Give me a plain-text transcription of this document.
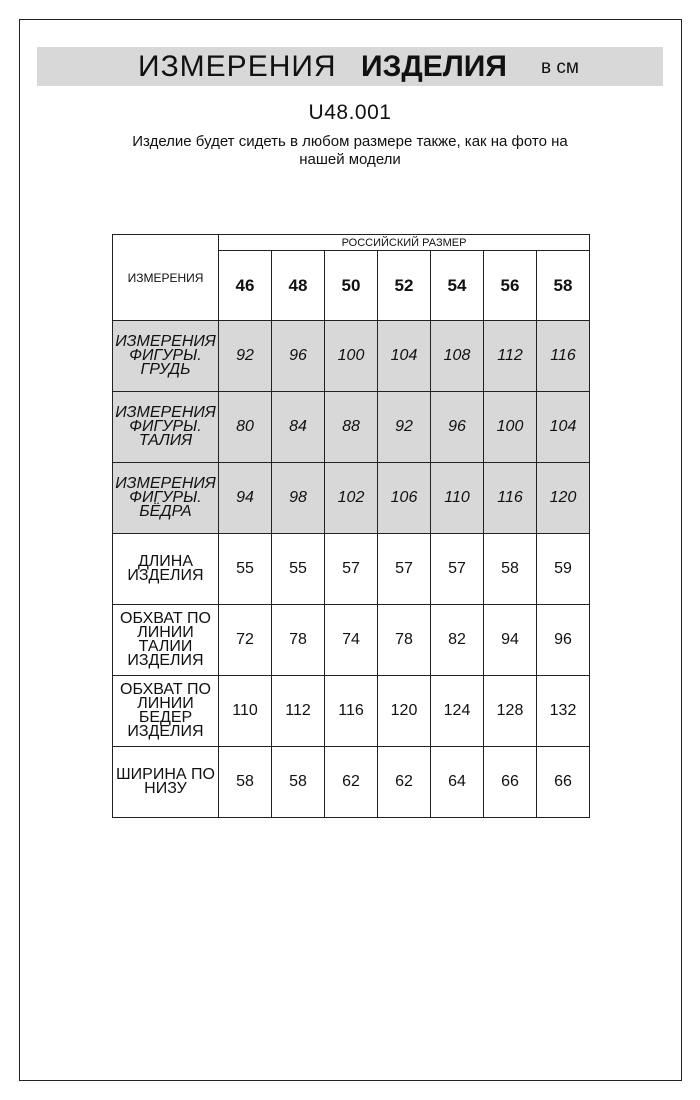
ИЗМЕРЕНИЯ ИЗДЕЛИЯ в см
U48.001
Изделие будет сидеть в любом размере также, как на фото на нашей модели
ИЗМЕРЕНИЯ	РОССИЙСКИЙ РАЗМЕР						
	46	48	50	52	54	56	58
ИЗМЕРЕНИЯ ФИГУРЫ. ГРУДЬ	92	96	100	104	108	112	116
ИЗМЕРЕНИЯ ФИГУРЫ. ТАЛИЯ	80	84	88	92	96	100	104
ИЗМЕРЕНИЯ ФИГУРЫ. БЁДРА	94	98	102	106	110	116	120
ДЛИНА ИЗДЕЛИЯ	55	55	57	57	57	58	59
ОБХВАТ ПО ЛИНИИ ТАЛИИ ИЗДЕЛИЯ	72	78	74	78	82	94	96
ОБХВАТ ПО ЛИНИИ БЕДЕР ИЗДЕЛИЯ	110	112	116	120	124	128	132
ШИРИНА ПО НИЗУ	58	58	62	62	64	66	66
